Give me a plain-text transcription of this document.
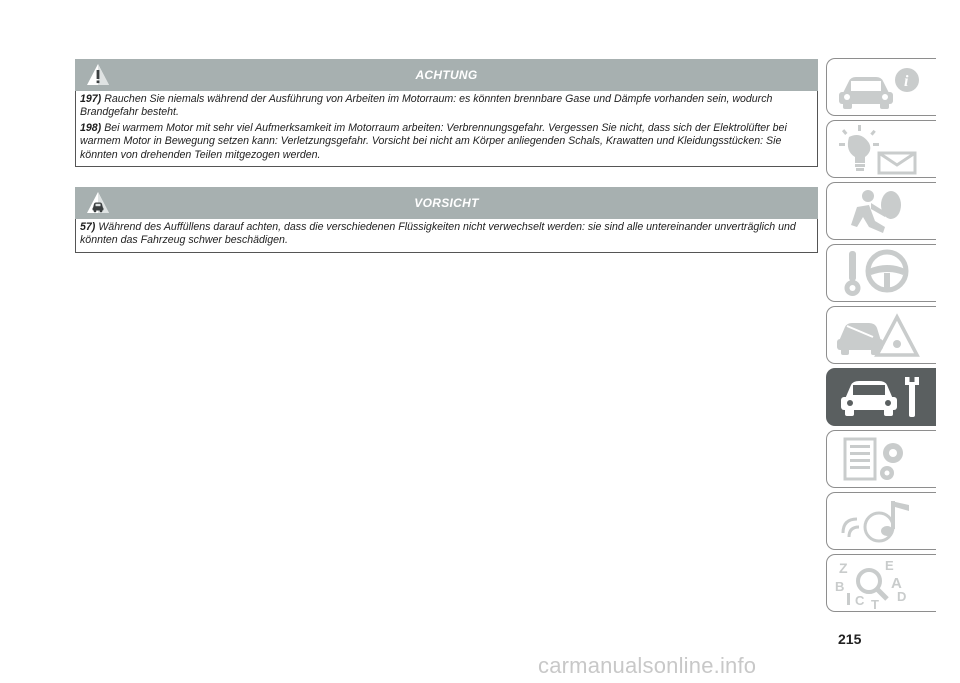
ACHTUNG

197) Rauchen Sie niemals während der Ausführung von Arbeiten im Motorraum: es könnten brennbare Gase und Dämpfe vorhanden sein, wodurch Brandgefahr besteht.

198) Bei warmem Motor mit sehr viel Aufmerksamkeit im Motorraum arbeiten: Verbrennungsgefahr. Vergessen Sie nicht, dass sich der Elektrolüfter bei warmem Motor in Bewegung setzen kann: Verletzungsgefahr. Vorsicht bei nicht am Körper anliegenden Schals, Krawatten und Kleidungsstücken: Sie könnten von drehenden Teilen mitgezogen werden.

VORSICHT

57) Während des Auffüllens darauf achten, dass die verschiedenen Flüssigkeiten nicht verwechselt werden: sie sind alle untereinander unverträglich und könnten das Fahrzeug schwer beschädigen.

i
Z	E
A
B
D
C T
215
carmanualsonline.info
